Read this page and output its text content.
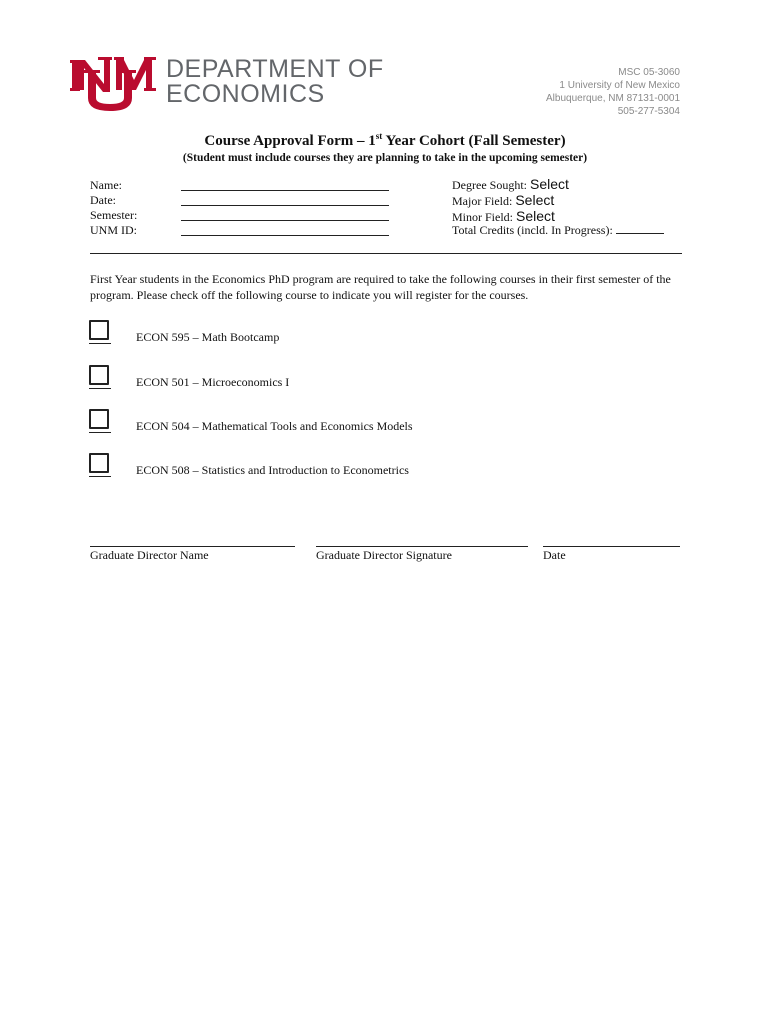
DEPARTMENT OF
ECONOMICS
MSC 05-3060
1 University of New Mexico
Albuquerque, NM 87131-0001
505-277-5304
Course Approval Form – 1st Year Cohort (Fall Semester)
(Student must include courses they are planning to take in the upcoming semester)
Name:
Date:
Semester:
UNM ID:
Degree Sought: Select
Major Field: Select
Minor Field: Select
Total Credits (incld. In Progress):
First Year students in the Economics PhD program are required to take the following courses in their first semester of the program. Please check off the following course to indicate you will register for the courses.
ECON 595 – Math Bootcamp
ECON 501 – Microeconomics I
ECON 504 – Mathematical Tools and Economics Models
ECON 508 – Statistics and Introduction to Econometrics
Graduate Director Name	Graduate Director Signature	Date
